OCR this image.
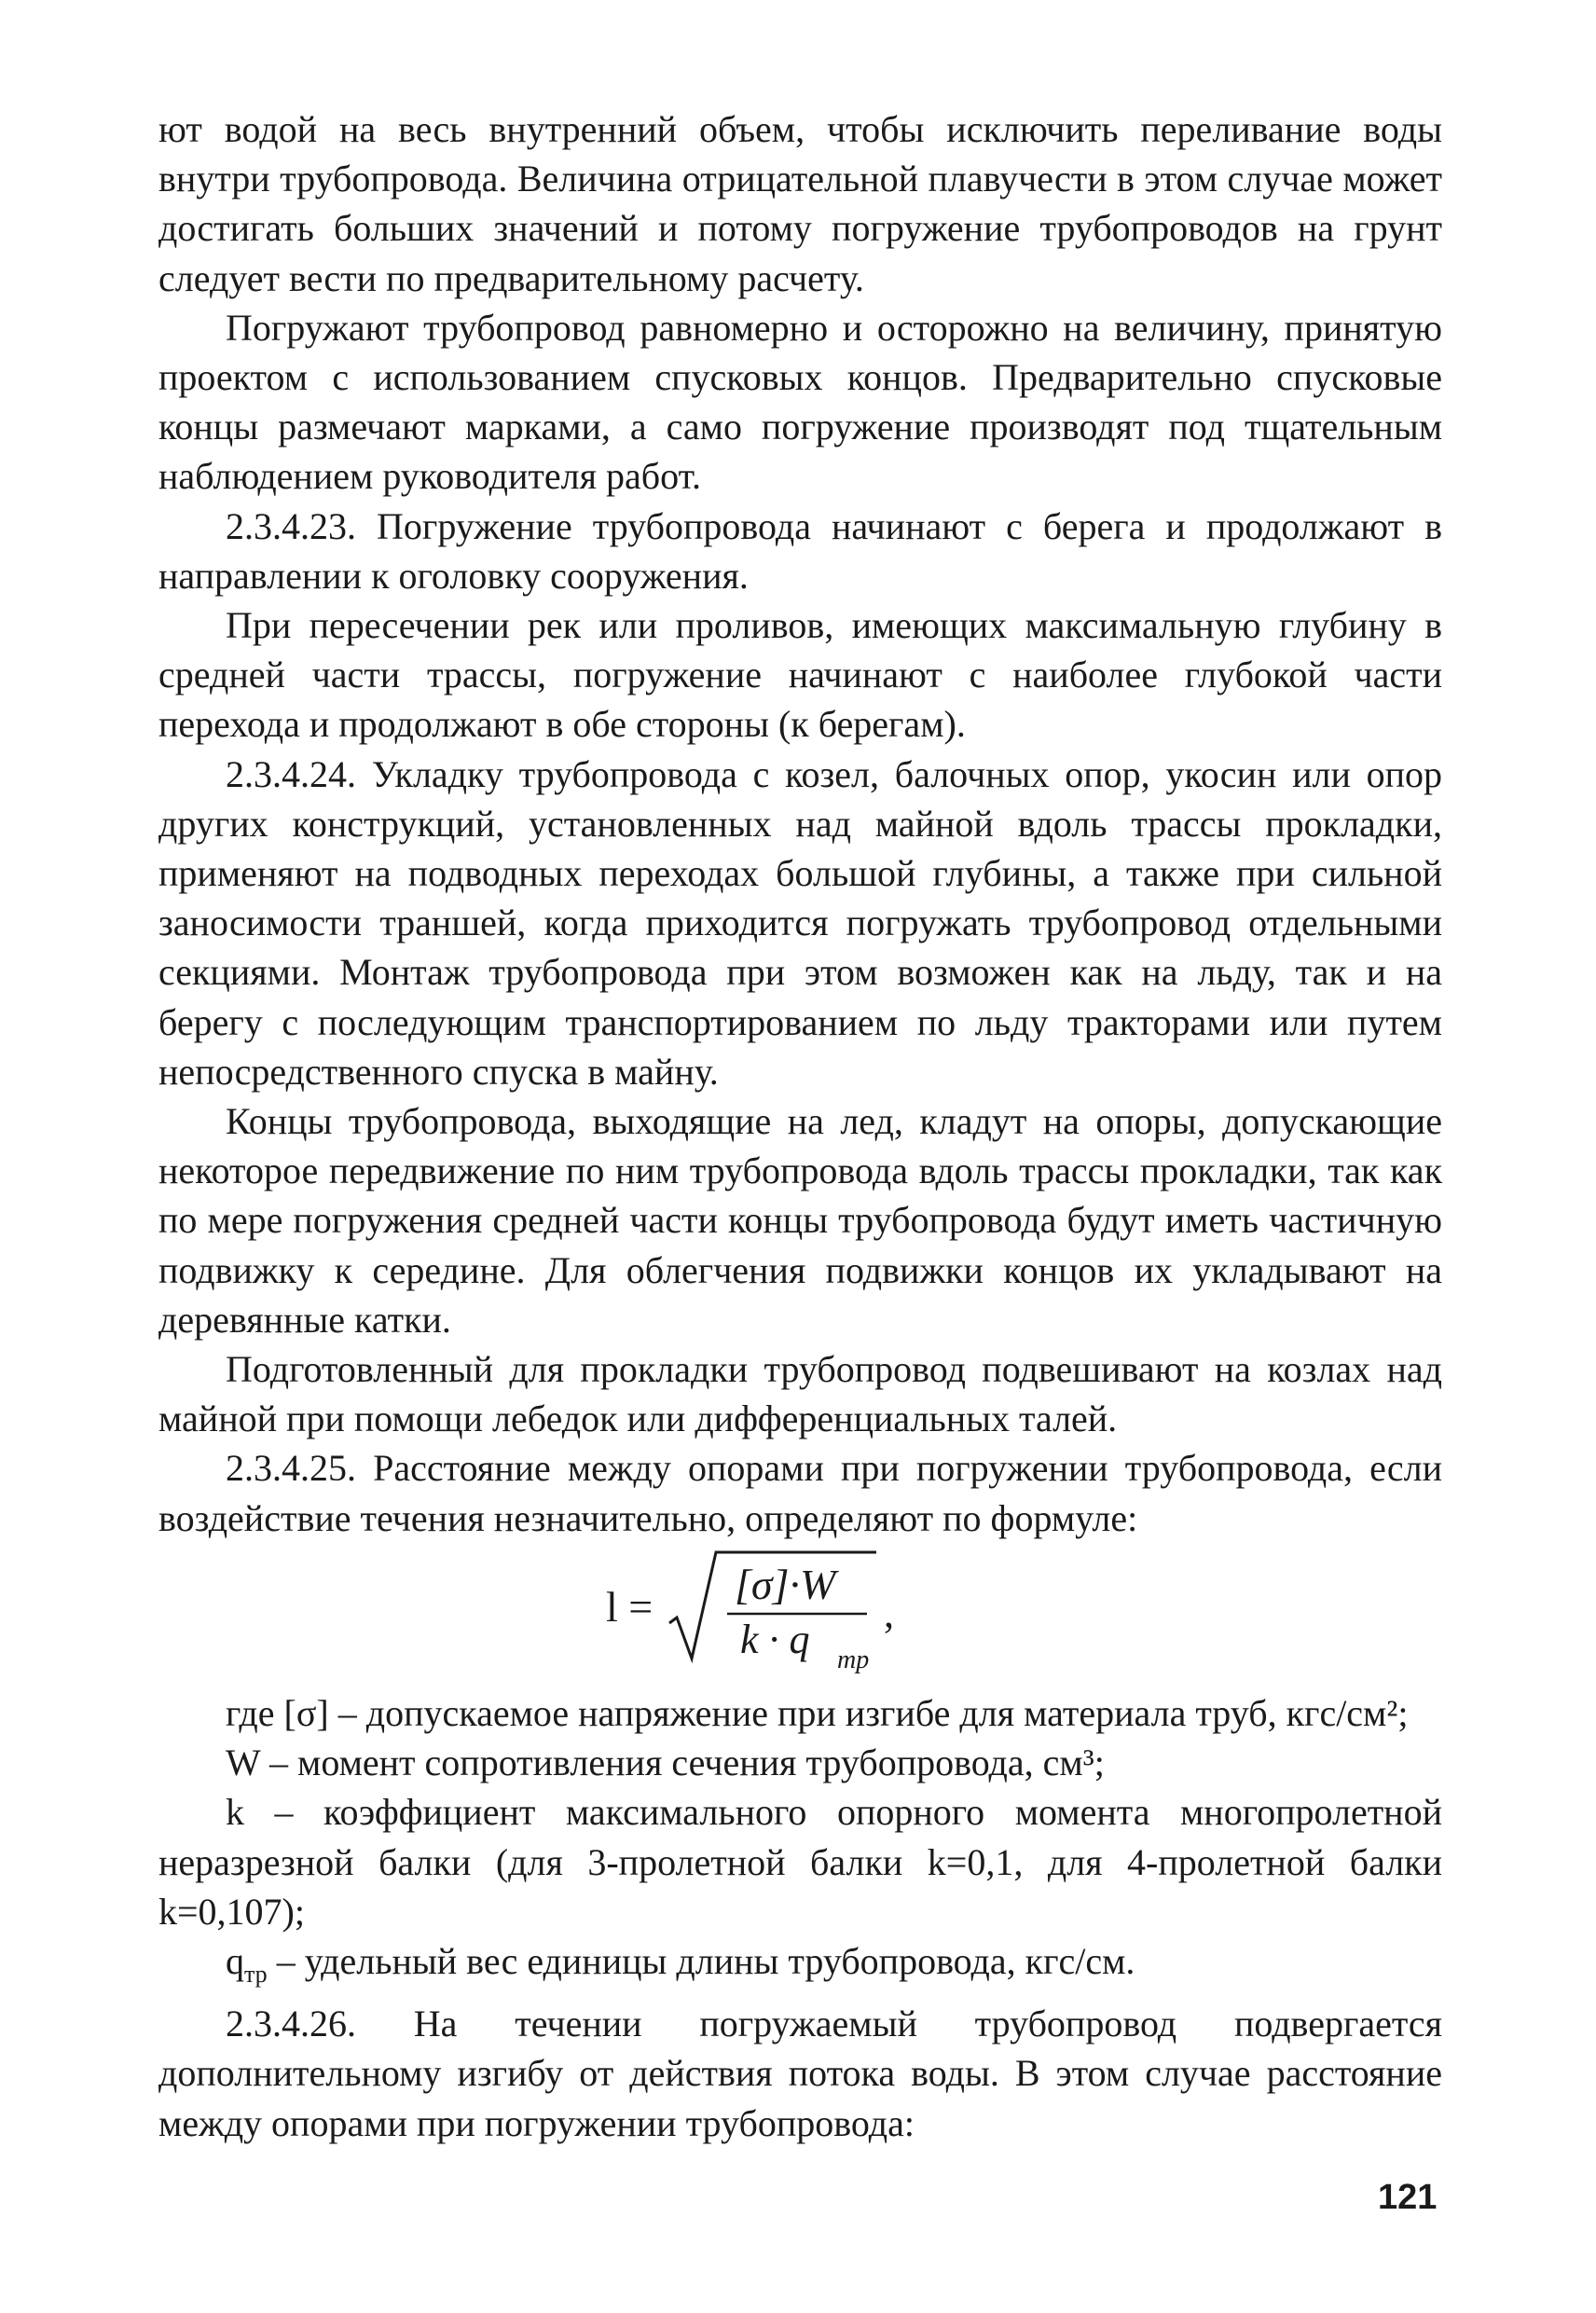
ют водой на весь внутренний объем, чтобы исключить переливание воды внутри трубопровода. Величина отрицательной плавучести в этом случае может достигать больших значений и потому погружение трубопроводов на грунт следует вести по предварительному расчету.

Погружают трубопровод равномерно и осторожно на величину, принятую проектом с использованием спусковых концов. Предварительно спусковые концы размечают марками, а само погружение производят под тщательным наблюдением руководителя работ.

2.3.4.23. Погружение трубопровода начинают с берега и продолжают в направлении к оголовку сооружения.

При пересечении рек или проливов, имеющих максимальную глубину в средней части трассы, погружение начинают с наиболее глубокой части перехода и продолжают в обе стороны (к берегам).

2.3.4.24. Укладку трубопровода с козел, балочных опор, укосин или опор других конструкций, установленных над майной вдоль трассы прокладки, применяют на подводных переходах большой глубины, а также при сильной заносимости траншей, когда приходится погружать трубопровод отдельными секциями. Монтаж трубопровода при этом возможен как на льду, так и на берегу с последующим транспортированием по льду тракторами или путем непосредственного спуска в майну.

Концы трубопровода, выходящие на лед, кладут на опоры, допускающие некоторое передвижение по ним трубопровода вдоль трассы прокладки, так как по мере погружения средней части концы трубопровода будут иметь частичную подвижку к середине. Для облегчения подвижки концов их укладывают на деревянные катки.

Подготовленный для прокладки трубопровод подвешивают на козлах над майной при помощи лебедок или дифференциальных талей.

2.3.4.25. Расстояние между опорами при погружении трубопровода, если воздействие течения незначительно, определяют по формуле:

l = [σ]·W
k · q тр
,

где [σ] – допускаемое напряжение при изгибе для материала труб, кгс/см²;

W – момент сопротивления сечения трубопровода, см³;

k – коэффициент максимального опорного момента многопролетной неразрезной балки (для 3-пролетной балки k=0,1, для 4-пролетной балки k=0,107);

$q_{тр}$ – удельный вес единицы длины трубопровода, кгс/см.

2.3.4.26. На течении погружаемый трубопровод подвергается дополнительному изгибу от действия потока воды. В этом случае расстояние между опорами при погружении трубопровода:

121
